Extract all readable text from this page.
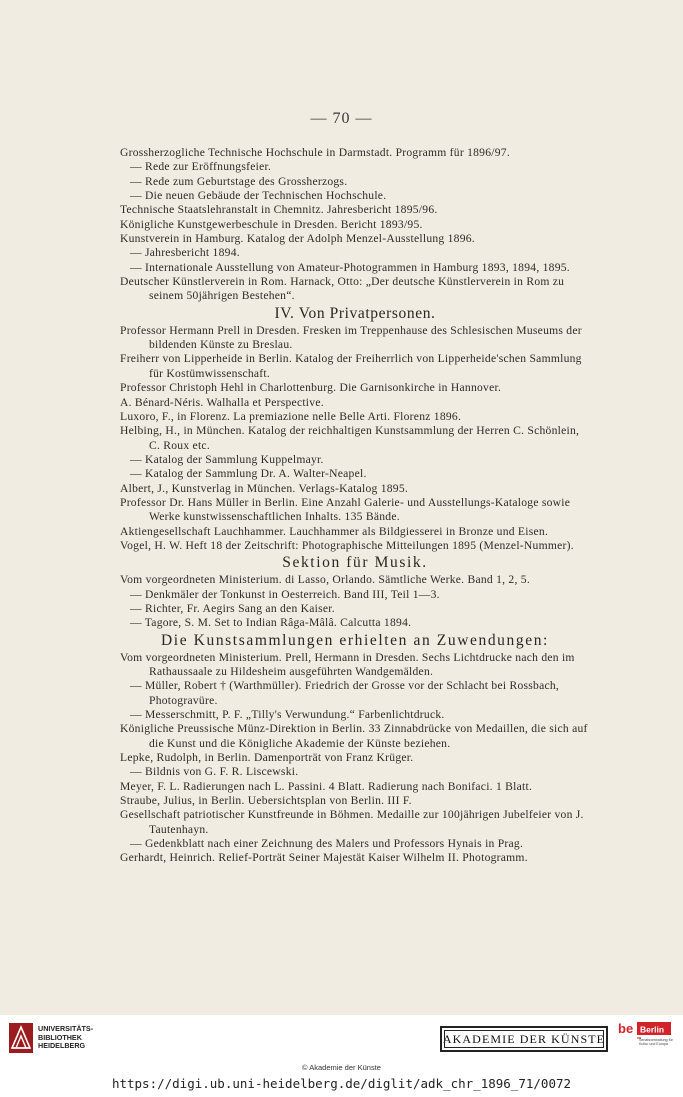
— 70 —

Grossherzogliche Technische Hochschule in Darmstadt. Programm für 1896/97.

— Rede zur Eröffnungsfeier.

— Rede zum Geburtstage des Grossherzogs.

— Die neuen Gebäude der Technischen Hochschule.

Technische Staatslehranstalt in Chemnitz. Jahresbericht 1895/96.

Königliche Kunstgewerbeschule in Dresden. Bericht 1893/95.

Kunstverein in Hamburg. Katalog der Adolph Menzel-Ausstellung 1896.

— Jahresbericht 1894.

— Internationale Ausstellung von Amateur-Photogrammen in Hamburg 1893, 1894, 1895.

Deutscher Künstlerverein in Rom. Harnack, Otto: „Der deutsche Künstlerverein in Rom zu seinem 50jährigen Bestehen“.

IV. Von Privatpersonen.

Professor Hermann Prell in Dresden. Fresken im Treppenhause des Schlesischen Museums der bildenden Künste zu Breslau.

Freiherr von Lipperheide in Berlin. Katalog der Freiherrlich von Lipperheide'schen Sammlung für Kostümwissenschaft.

Professor Christoph Hehl in Charlottenburg. Die Garnisonkirche in Hannover.

A. Bénard-Néris. Walhalla et Perspective.

Luxoro, F., in Florenz. La premiazione nelle Belle Arti. Florenz 1896.

Helbing, H., in München. Katalog der reichhaltigen Kunstsammlung der Herren C. Schönlein, C. Roux etc.

— Katalog der Sammlung Kuppelmayr.

— Katalog der Sammlung Dr. A. Walter-Neapel.

Albert, J., Kunstverlag in München. Verlags-Katalog 1895.

Professor Dr. Hans Müller in Berlin. Eine Anzahl Galerie- und Ausstellungs-Kataloge sowie Werke kunstwissenschaftlichen Inhalts. 135 Bände.

Aktiengesellschaft Lauchhammer. Lauchhammer als Bildgiesserei in Bronze und Eisen.

Vogel, H. W. Heft 18 der Zeitschrift: Photographische Mitteilungen 1895 (Menzel-Nummer).

Sektion für Musik.

Vom vorgeordneten Ministerium. di Lasso, Orlando. Sämtliche Werke. Band 1, 2, 5.

— Denkmäler der Tonkunst in Oesterreich. Band III, Teil 1—3.

— Richter, Fr. Aegirs Sang an den Kaiser.

— Tagore, S. M. Set to Indian Râga-Mâlâ. Calcutta 1894.

Die Kunstsammlungen erhielten an Zuwendungen:

Vom vorgeordneten Ministerium. Prell, Hermann in Dresden. Sechs Lichtdrucke nach den im Rathaussaale zu Hildesheim ausgeführten Wandgemälden.

— Müller, Robert † (Warthmüller). Friedrich der Grosse vor der Schlacht bei Rossbach, Photogravüre.

— Messerschmitt, P. F. „Tilly's Verwundung.“ Farbenlichtdruck.

Königliche Preussische Münz-Direktion in Berlin. 33 Zinnabdrücke von Medaillen, die sich auf die Kunst und die Königliche Akademie der Künste beziehen.

Lepke, Rudolph, in Berlin. Damenporträt von Franz Krüger.

— Bildnis von G. F. R. Liscewski.

Meyer, F. L. Radierungen nach L. Passini. 4 Blatt. Radierung nach Bonifaci. 1 Blatt.

Straube, Julius, in Berlin. Uebersichtsplan von Berlin. III F.

Gesellschaft patriotischer Kunstfreunde in Böhmen. Medaille zur 100jährigen Jubelfeier von J. Tautenhayn.

— Gedenkblatt nach einer Zeichnung des Malers und Professors Hynais in Prag.

Gerhardt, Heinrich. Relief-Porträt Seiner Majestät Kaiser Wilhelm II. Photogramm.

UNIVERSITÄTS-
BIBLIOTHEK
HEIDELBERG
AKADEMIE DER KÜNSTE
be Berlin
Senatsverwaltung für Kultur und Europa
© Akademie der Künste
https://digi.ub.uni-heidelberg.de/diglit/adk_chr_1896_71/0072
